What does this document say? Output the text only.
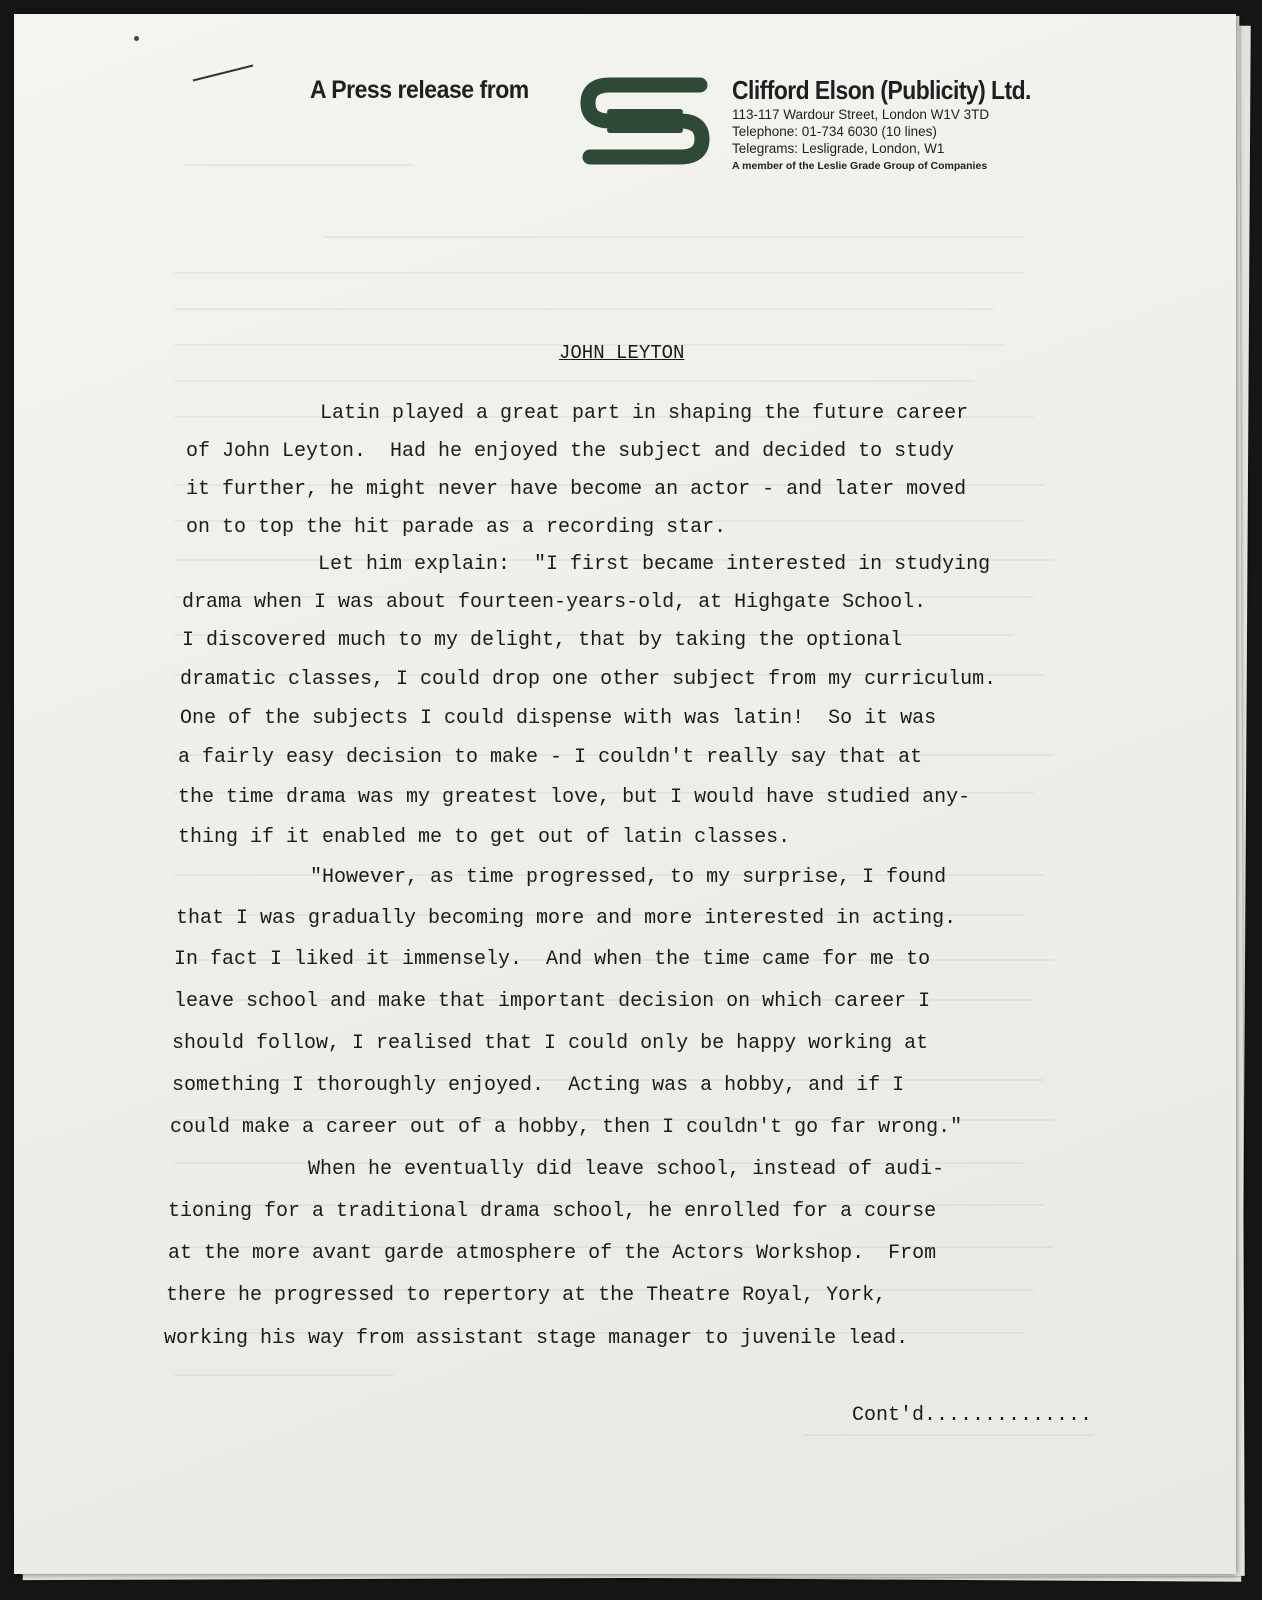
A Press release from	Clifford Elson (Publicity) Ltd.
113-117 Wardour Street, London W1V 3TD
Telephone: 01-734 6030 (10 lines)
Telegrams: Lesligrade, London, W1
A member of the Leslie Grade Group of Companies
JOHN LEYTON
Latin played a great part in shaping the future career
of John Leyton.  Had he enjoyed the subject and decided to study
it further, he might never have become an actor - and later moved
on to top the hit parade as a recording star.
Let him explain:  "I first became interested in studying
drama when I was about fourteen-years-old, at Highgate School.
I discovered much to my delight, that by taking the optional
dramatic classes, I could drop one other subject from my curriculum.
One of the subjects I could dispense with was latin!  So it was
a fairly easy decision to make - I couldn't really say that at
the time drama was my greatest love, but I would have studied any-
thing if it enabled me to get out of latin classes.
"However, as time progressed, to my surprise, I found
that I was gradually becoming more and more interested in acting.
In fact I liked it immensely.  And when the time came for me to
leave school and make that important decision on which career I
should follow, I realised that I could only be happy working at
something I thoroughly enjoyed.  Acting was a hobby, and if I
could make a career out of a hobby, then I couldn't go far wrong."
When he eventually did leave school, instead of audi-
tioning for a traditional drama school, he enrolled for a course
at the more avant garde atmosphere of the Actors Workshop.  From
there he progressed to repertory at the Theatre Royal, York,
working his way from assistant stage manager to juvenile lead.
Cont'd..............
